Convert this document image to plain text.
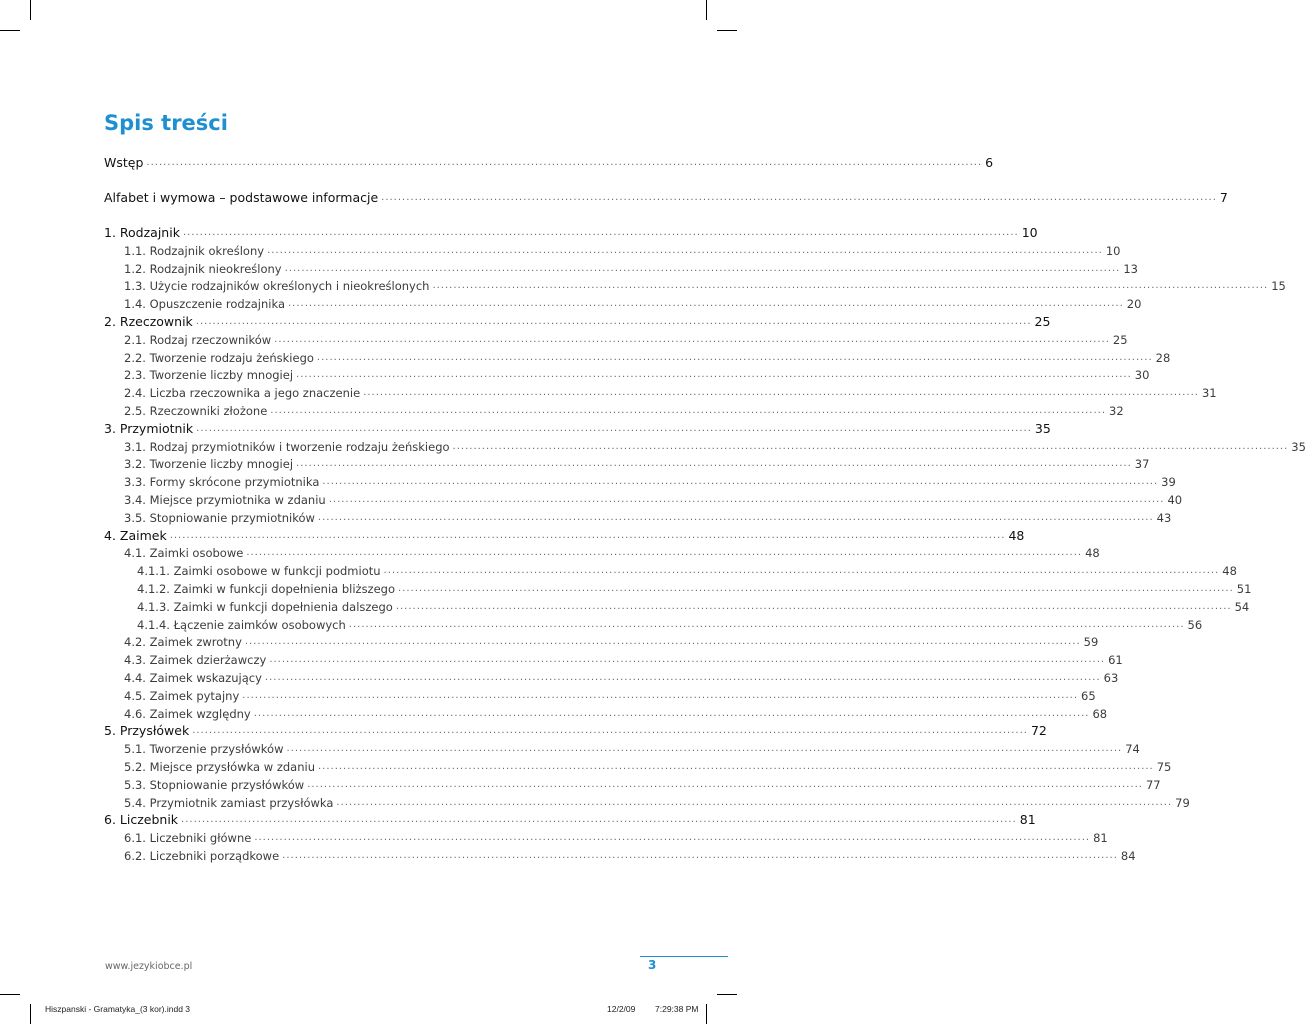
Spis treści
Wstęp ........................................................................................................................................................................................................ 6
Alfabet i wymowa – podstawowe informacje ........................................................................................................................................................................................................ 7
1. Rodzajnik ........................................................................................................................................................................................................ 10
1.1. Rodzajnik określony ........................................................................................................................................................................................................ 10
1.2. Rodzajnik nieokreślony ........................................................................................................................................................................................................ 13
1.3. Użycie rodzajników określonych i nieokreślonych ........................................................................................................................................................................................................ 15
1.4. Opuszczenie rodzajnika ........................................................................................................................................................................................................ 20
2. Rzeczownik ........................................................................................................................................................................................................ 25
2.1. Rodzaj rzeczowników ........................................................................................................................................................................................................ 25
2.2. Tworzenie rodzaju żeńskiego ........................................................................................................................................................................................................ 28
2.3. Tworzenie liczby mnogiej ........................................................................................................................................................................................................ 30
2.4. Liczba rzeczownika a jego znaczenie ........................................................................................................................................................................................................ 31
2.5. Rzeczowniki złożone ........................................................................................................................................................................................................ 32
3. Przymiotnik ........................................................................................................................................................................................................ 35
3.1. Rodzaj przymiotników i tworzenie rodzaju żeńskiego ........................................................................................................................................................................................................ 35
3.2. Tworzenie liczby mnogiej ........................................................................................................................................................................................................ 37
3.3. Formy skrócone przymiotnika ........................................................................................................................................................................................................ 39
3.4. Miejsce przymiotnika w zdaniu ........................................................................................................................................................................................................ 40
3.5. Stopniowanie przymiotników ........................................................................................................................................................................................................ 43
4. Zaimek ........................................................................................................................................................................................................ 48
4.1. Zaimki osobowe ........................................................................................................................................................................................................ 48
4.1.1. Zaimki osobowe w funkcji podmiotu ........................................................................................................................................................................................................ 48
4.1.2. Zaimki w funkcji dopełnienia bliższego ........................................................................................................................................................................................................ 51
4.1.3. Zaimki w funkcji dopełnienia dalszego ........................................................................................................................................................................................................ 54
4.1.4. Łączenie zaimków osobowych ........................................................................................................................................................................................................ 56
4.2. Zaimek zwrotny ........................................................................................................................................................................................................ 59
4.3. Zaimek dzierżawczy ........................................................................................................................................................................................................ 61
4.4. Zaimek wskazujący ........................................................................................................................................................................................................ 63
4.5. Zaimek pytajny ........................................................................................................................................................................................................ 65
4.6. Zaimek względny ........................................................................................................................................................................................................ 68
5. Przysłówek ........................................................................................................................................................................................................ 72
5.1. Tworzenie przysłówków ........................................................................................................................................................................................................ 74
5.2. Miejsce przysłówka w zdaniu ........................................................................................................................................................................................................ 75
5.3. Stopniowanie przysłówków ........................................................................................................................................................................................................ 77
5.4. Przymiotnik zamiast przysłówka ........................................................................................................................................................................................................ 79
6. Liczebnik ........................................................................................................................................................................................................ 81
6.1. Liczebniki główne ........................................................................................................................................................................................................ 81
6.2. Liczebniki porządkowe ........................................................................................................................................................................................................ 84
www.jezykiobce.pl	3
Hiszpanski - Gramatyka_(3 kor).indd 3	12/2/09 7:29:38 PM
